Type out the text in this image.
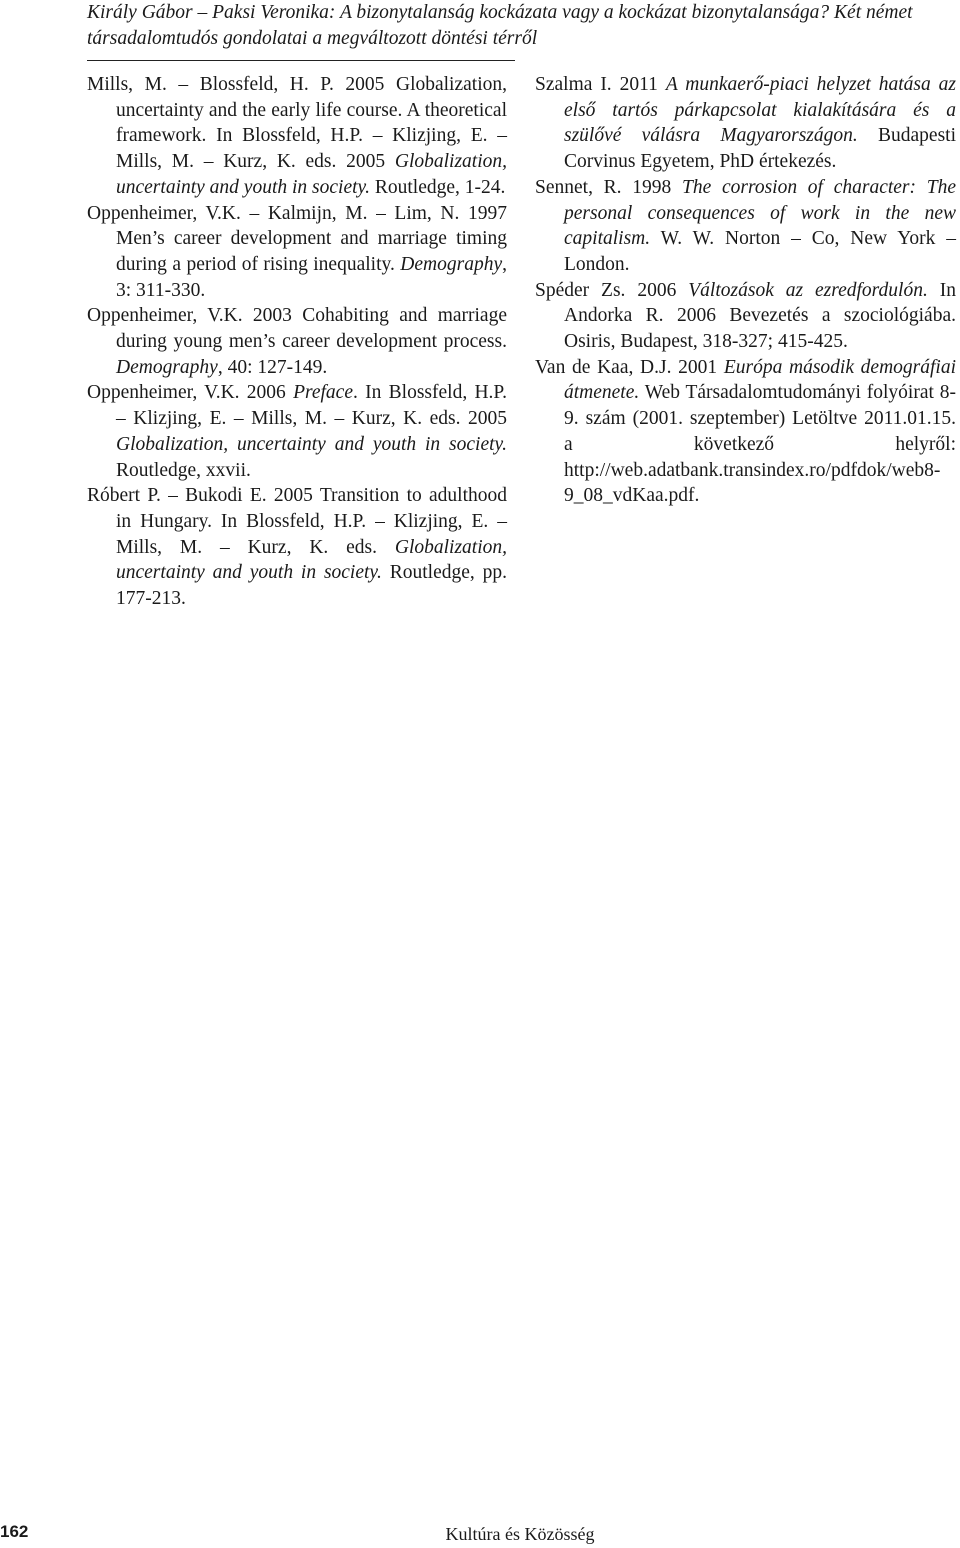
Király Gábor – Paksi Veronika: A bizonytalanság kockázata vagy a kockázat bizonytalansága? Két német
társadalomtudós gondolatai a megváltozott döntési térről

Mills, M. – Blossfeld, H. P. 2005 Globalization, uncertainty and the early life course. A theoretical framework. In Blossfeld, H.P. – Klizjing, E. – Mills, M. – Kurz, K. eds. 2005 Globalization, uncertainty and youth in society. Routledge, 1-24.

Oppenheimer, V.K. – Kalmijn, M. – Lim, N. 1997 Men’s career development and marriage timing during a period of rising inequality. Demography, 3: 311-330.

Oppenheimer, V.K. 2003 Cohabiting and marriage during young men’s career development process. Demography, 40: 127-149.

Oppenheimer, V.K. 2006 Preface. In Blossfeld, H.P. – Klizjing, E. – Mills, M. – Kurz, K. eds. 2005 Globalization, uncertainty and youth in society. Routledge, xxvii.

Róbert P. – Bukodi E. 2005 Transition to adulthood in Hungary. In Blossfeld, H.P. – Klizjing, E. – Mills, M. – Kurz, K. eds. Globalization, uncertainty and youth in society. Routledge, pp. 177-213.

Szalma I. 2011 A munkaerő-piaci helyzet hatása az első tartós párkapcsolat kialakítására és a szülővé válásra Magyarországon. Budapesti Corvinus Egyetem, PhD értekezés.

Sennet, R. 1998 The corrosion of character: The personal consequences of work in the new capitalism. W. W. Norton – Co, New York – London.

Spéder Zs. 2006 Változások az ezredfordulón. In Andorka R. 2006 Bevezetés a szociológiába. Osiris, Budapest, 318-327; 415-425.

Van de Kaa, D.J. 2001 Európa második demográfiai átmenete. Web Társadalomtudományi folyóirat 8-9. szám (2001. szeptember) Letöltve 2011.01.15. a következő helyről: http://web.adatbank.transindex.ro/pdfdok/web8-9_08_vdKaa.pdf.

162	Kultúra és Közösség
